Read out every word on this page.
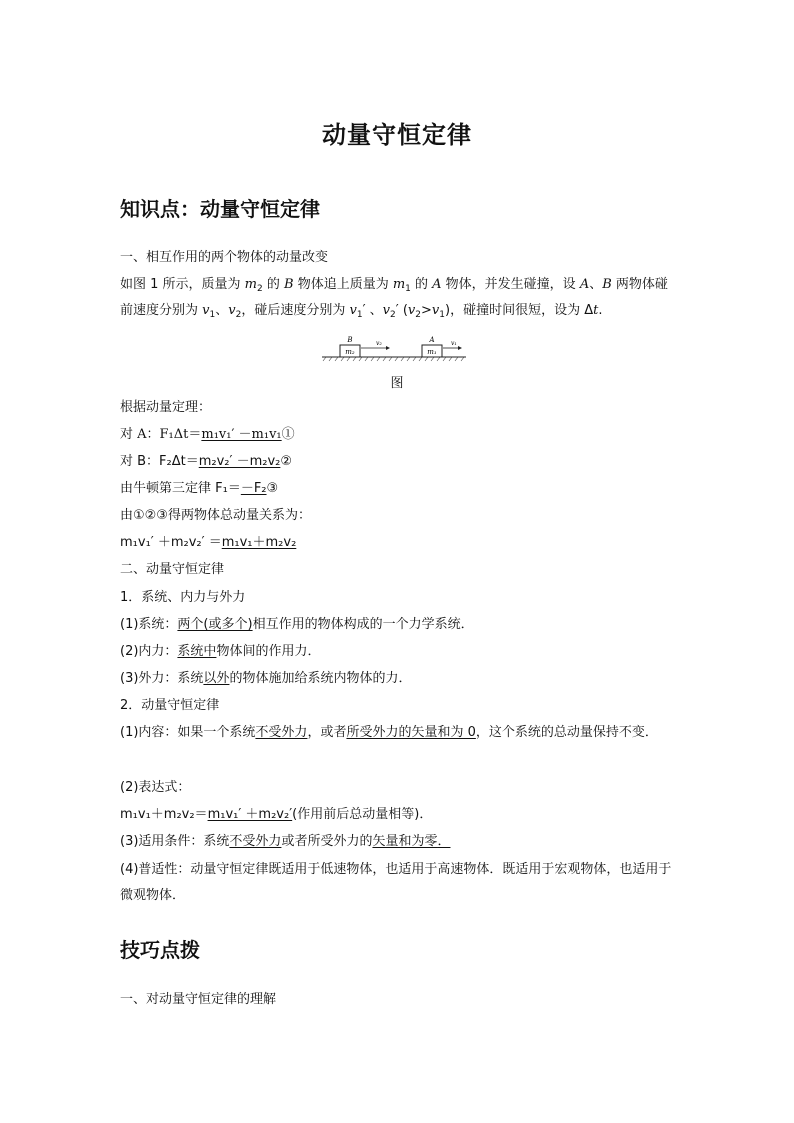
动量守恒定律
知识点：动量守恒定律
一、相互作用的两个物体的动量改变
如图 1 所示，质量为 $m_2$ 的 B 物体追上质量为 $m_1$ 的 A 物体，并发生碰撞，设 A、B 两物体碰
前速度分别为 $v_1$、$v_2$，碰后速度分别为 $v_1'$ 、$v_2'$ $(v_2>v_1)$，碰撞时间很短，设为 Δt.
m₂
B	v₂
m₁
A	v₁
图
根据动量定理：
对 A：F₁Δt＝m₁v₁′ －m₁v₁①
对 B：F₂Δt＝m₂v₂′ －m₂v₂②
由牛顿第三定律 F₁＝－F₂③
由①②③得两物体总动量关系为：
m₁v₁′ ＋m₂v₂′ ＝m₁v₁＋m₂v₂
二、动量守恒定律
1．系统、内力与外力
(1)系统：两个(或多个)相互作用的物体构成的一个力学系统．
(2)内力：系统中物体间的作用力．
(3)外力：系统以外的物体施加给系统内物体的力．
2．动量守恒定律
(1)内容：如果一个系统不受外力，或者所受外力的矢量和为 0，这个系统的总动量保持不变．
(2)表达式：
m₁v₁＋m₂v₂＝m₁v₁′ ＋m₂v₂′(作用前后总动量相等)．
(3)适用条件：系统不受外力或者所受外力的矢量和为零．
(4)普适性：动量守恒定律既适用于低速物体，也适用于高速物体．既适用于宏观物体，也适用于微观物体．
技巧点拨
一、对动量守恒定律的理解
